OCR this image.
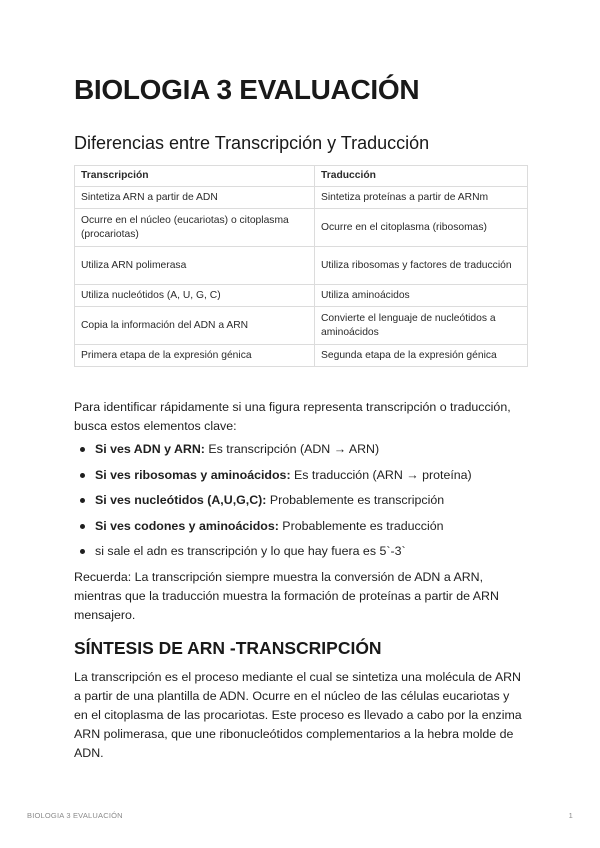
BIOLOGIA 3 EVALUACIÓN
Diferencias entre Transcripción y Traducción
Transcripción	Traducción
Sintetiza ARN a partir de ADN	Sintetiza proteínas a partir de ARNm
Ocurre en el núcleo (eucariotas) o citoplasma (procariotas)	Ocurre en el citoplasma (ribosomas)
Utiliza ARN polimerasa	Utiliza ribosomas y factores de traducción
Utiliza nucleótidos (A, U, G, C)	Utiliza aminoácidos
Copia la información del ADN a ARN	Convierte el lenguaje de nucleótidos a aminoácidos
Primera etapa de la expresión génica	Segunda etapa de la expresión génica

Para identificar rápidamente si una figura representa transcripción o traducción, busca estos elementos clave:

Si ves ADN y ARN: Es transcripción (ADN → ARN)
Si ves ribosomas y aminoácidos: Es traducción (ARN → proteína)
Si ves nucleótidos (A,U,G,C): Probablemente es transcripción
Si ves codones y aminoácidos: Probablemente es traducción
si sale el adn es transcripción y lo que hay fuera es 5`-3`

Recuerda: La transcripción siempre muestra la conversión de ADN a ARN, mientras que la traducción muestra la formación de proteínas a partir de ARN mensajero.

SÍNTESIS DE ARN -TRANSCRIPCIÓN

La transcripción es el proceso mediante el cual se sintetiza una molécula de ARN a partir de una plantilla de ADN. Ocurre en el núcleo de las células eucariotas y en el citoplasma de las procariotas. Este proceso es llevado a cabo por la enzima ARN polimerasa, que une ribonucleótidos complementarios a la hebra molde de ADN.

BIOLOGIA 3 EVALUACIÓN	1
